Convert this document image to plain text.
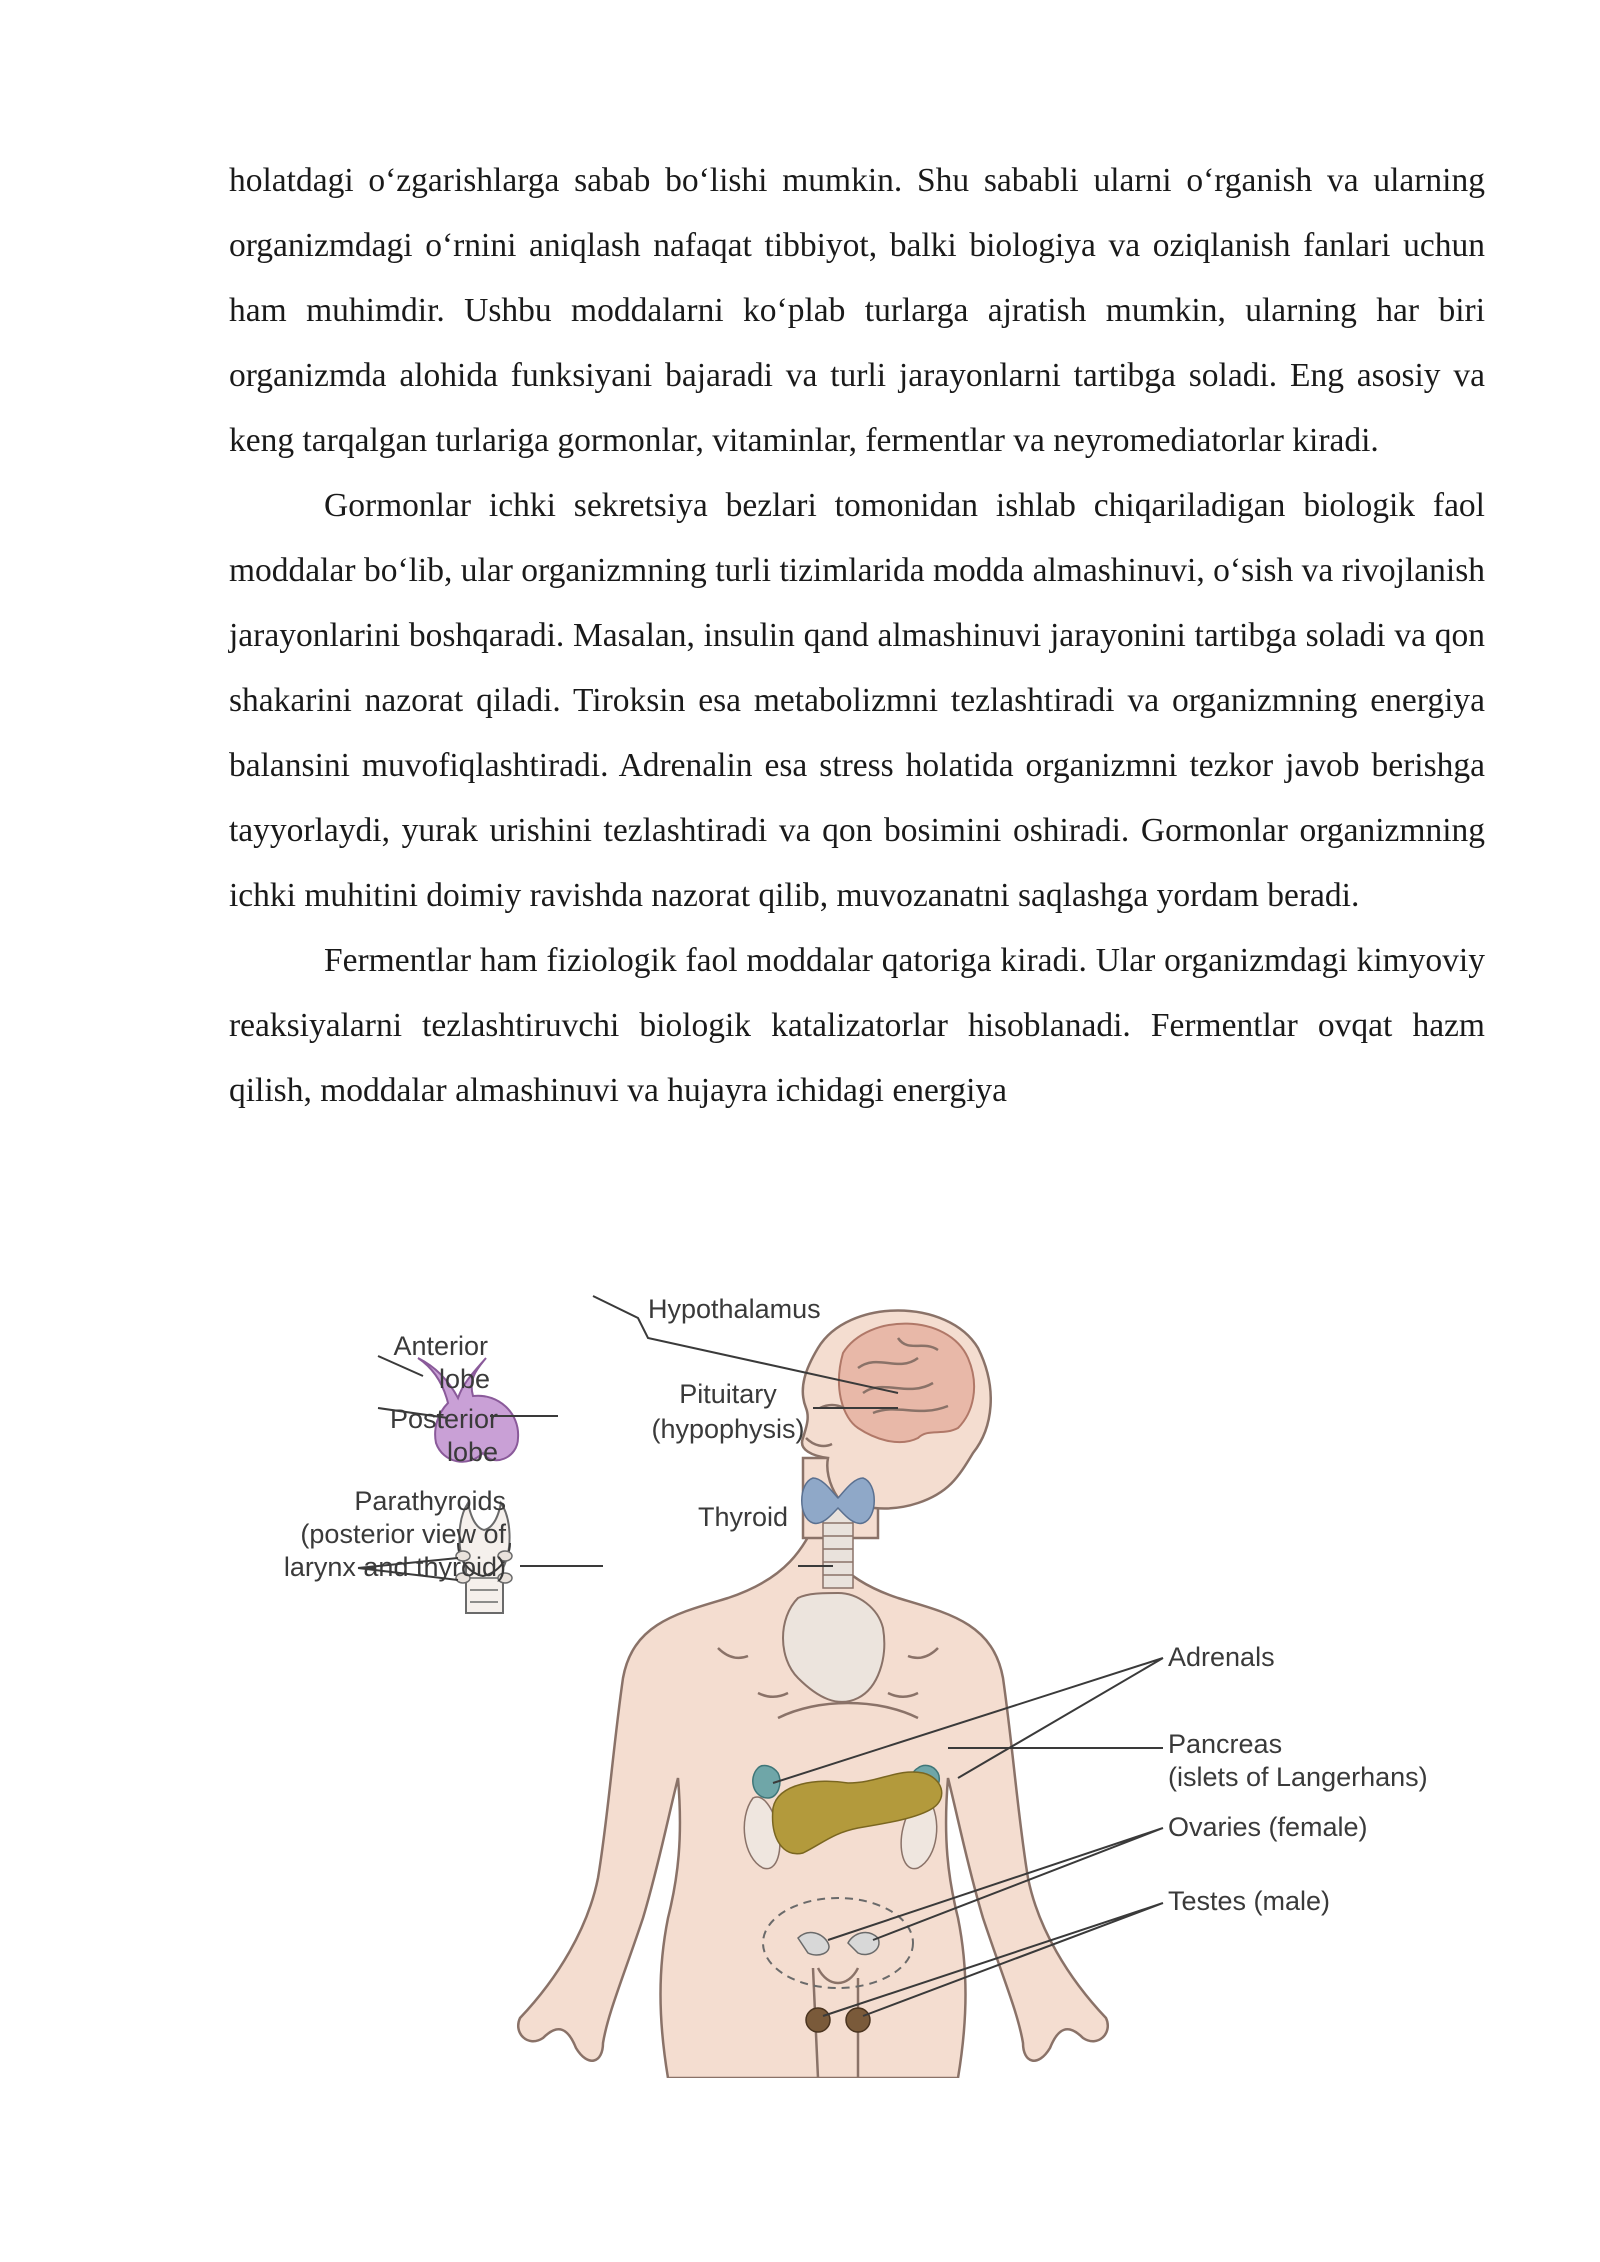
holatdagi o‘zgarishlarga sabab bo‘lishi mumkin. Shu sababli ularni o‘rganish va ularning organizmdagi o‘rnini aniqlash nafaqat tibbiyot, balki biologiya va oziqlanish fanlari uchun ham muhimdir. Ushbu moddalarni ko‘plab turlarga ajratish mumkin, ularning har biri organizmda alohida funksiyani bajaradi va turli jarayonlarni tartibga soladi. Eng asosiy va keng tarqalgan turlariga gormonlar, vitaminlar, fermentlar va neyromediatorlar kiradi.

Gormonlar ichki sekretsiya bezlari tomonidan ishlab chiqariladigan biologik faol moddalar bo‘lib, ular organizmning turli tizimlarida modda almashinuvi, o‘sish va rivojlanish jarayonlarini boshqaradi. Masalan, insulin qand almashinuvi jarayonini tartibga soladi va qon shakarini nazorat qiladi. Tiroksin esa metabolizmni tezlashtiradi va organizmning energiya balansini muvofiqlashtiradi. Adrenalin esa stress holatida organizmni tezkor javob berishga tayyorlaydi, yurak urishini tezlashtiradi va qon bosimini oshiradi. Gormonlar organizmning ichki muhitini doimiy ravishda nazorat qilib, muvozanatni saqlashga yordam beradi.

Fermentlar ham fiziologik faol moddalar qatoriga kiradi. Ular organizmdagi kimyoviy reaksiyalarni tezlashtiruvchi biologik katalizatorlar hisoblanadi. Fermentlar ovqat hazm qilish, moddalar almashinuvi va hujayra ichidagi energiya

Hypothalamus
Anterior
lobe
Posterior
lobe
Pituitary
(hypophysis)
Parathyroids
(posterior view of
larynx and thyroid)
Thyroid
Adrenals
Pancreas
(islets of Langerhans)
Ovaries (female)
Testes (male)
